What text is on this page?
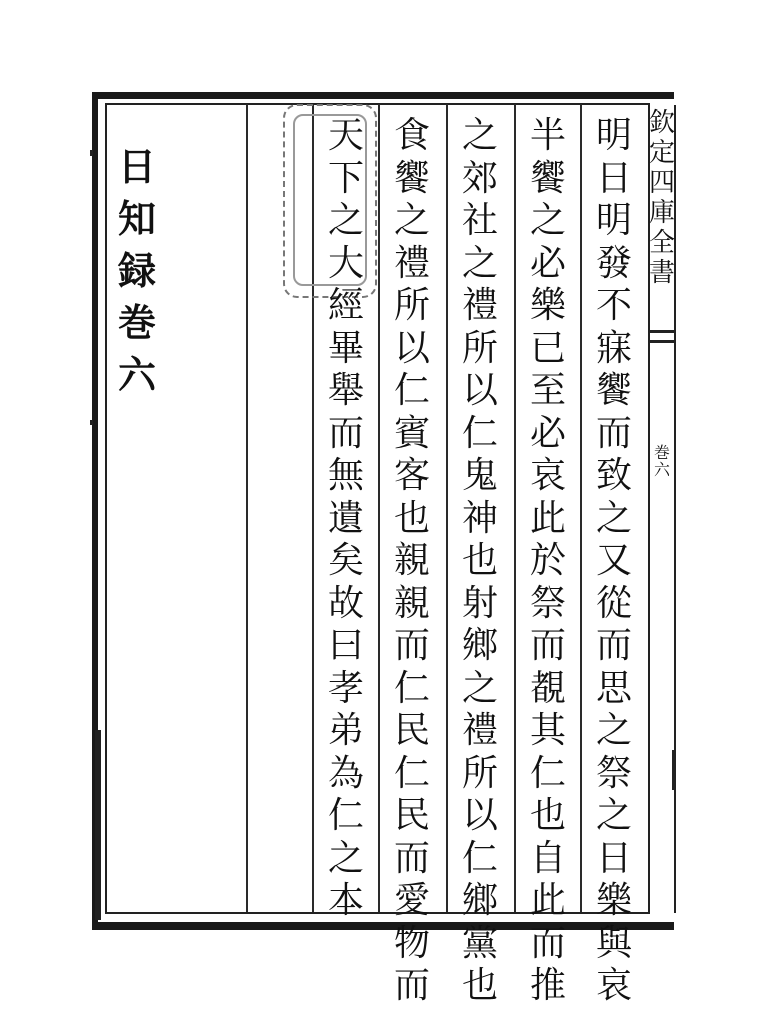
日
知
録
巻
六
天
下
之
大
經
畢
舉
而
無
遺
矣
故
曰
孝
弟
為
仁
之
本
食
饗
之
禮
所
以
仁
賓
客
也
親
親
而
仁
民
仁
民
而
愛
物
而
之
郊
社
之
禮
所
以
仁
鬼
神
也
射
鄉
之
禮
所
以
仁
鄉
黨
也
半
饗
之
必
樂
已
至
必
哀
此
於
祭
而
覩
其
仁
也
自
此
而
推
明
日
明
發
不
寐
饗
而
致
之
又
從
而
思
之
祭
之
日
樂
與
哀
欽
定
四
庫
全
書
巻
六
